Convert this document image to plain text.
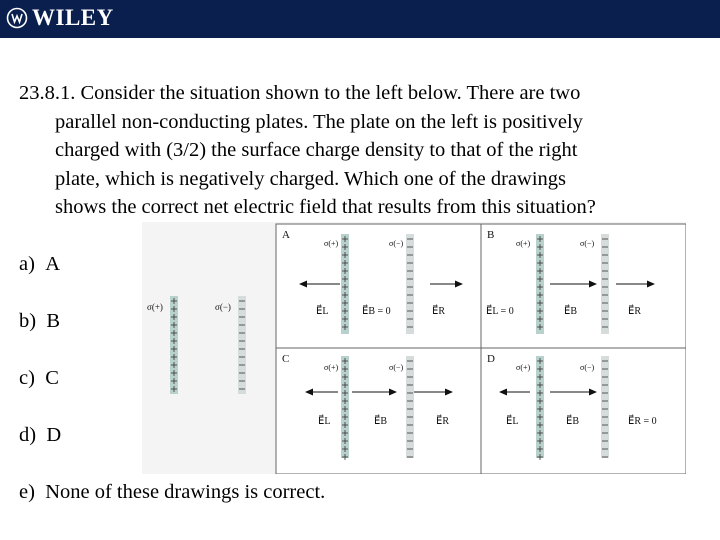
WILEY
23.8.1. Consider the situation shown to the left below. There are two
parallel non-conducting plates. The plate on the left is positively
charged with (3/2) the surface charge density to that of the right
plate, which is negatively charged. Which one of the drawings
shows the correct net electric field that results from this situation?
a) A
b) B
c) C
d) D
e) None of these drawings is correct.
σ(+)	σ(−)
A
σ(+)	σ(−)
E⃗L	E⃗B = 0	E⃗R
B
σ(+)	σ(−)
E⃗L = 0	E⃗B	E⃗R
C
σ(+)	σ(−)
E⃗L	E⃗B	E⃗R
D
σ(+)	σ(−)
E⃗L	E⃗B	E⃗R = 0
